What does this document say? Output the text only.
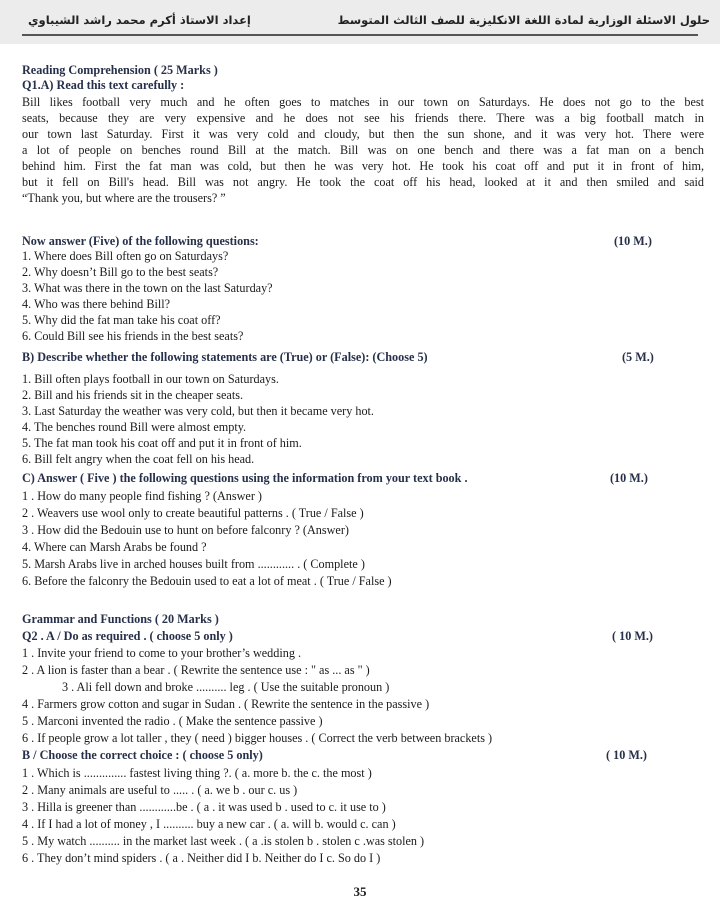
إعداد الاستاذ أكرم محمد راشد الشيباوي	حلول الاسئلة الوزارية لمادة اللغة الانكليزية للصف الثالث المتوسط
Reading Comprehension ( 25 Marks )
Q1.A) Read this text carefully :
Bill likes football very much and he often goes to matches in our town on Saturdays. He does not go to the best
seats, because they are very expensive and he does not see his friends there. There was a big football match in
our town last Saturday. First it was very cold and cloudy, but then the sun shone, and it was very hot. There were
a lot of people on benches round Bill at the match. Bill was on one bench and there was a fat man on a bench
behind him. First the fat man was cold, but then he was very hot. He took his coat off and put it in front of him,
but it fell on Bill's head. Bill was not angry. He took the coat off his head, looked at it and then smiled and said
“Thank you, but where are the trousers? ”
Now answer (Five) of the following questions:	(10 M.)
1. Where does Bill often go on Saturdays?
2. Why doesn’t Bill go to the best seats?
3. What was there in the town on the last Saturday?
4. Who was there behind Bill?
5. Why did the fat man take his coat off?
6. Could Bill see his friends in the best seats?
B) Describe whether the following statements are (True) or (False): (Choose 5)	(5 M.)
1. Bill often plays football in our town on Saturdays.
2. Bill and his friends sit in the cheaper seats.
3. Last Saturday the weather was very cold, but then it became very hot.
4. The benches round Bill were almost empty.
5. The fat man took his coat off and put it in front of him.
6. Bill felt angry when the coat fell on his head.
C) Answer ( Five ) the following questions using the information from your text book .	(10 M.)
1 . How do many people find fishing ? (Answer )
2 . Weavers use wool only to create beautiful patterns . ( True / False )
3 . How did the Bedouin use to hunt on before falconry ? (Answer)
4. Where can Marsh Arabs be found ?
5. Marsh Arabs live in arched houses built from ............ . ( Complete )
6. Before the falconry the Bedouin used to eat a lot of meat . ( True / False )
Grammar and Functions ( 20 Marks )
Q2 . A / Do as required . ( choose 5 only )	( 10 M.)
1 . Invite your friend to come to your brother’s wedding .
2 . A lion is faster than a bear . ( Rewrite the sentence use : " as ... as " )
3 . Ali fell down and broke .......... leg . ( Use the suitable pronoun )
4 . Farmers grow cotton and sugar in Sudan . ( Rewrite the sentence in the passive )
5 . Marconi invented the radio . ( Make the sentence passive )
6 . If people grow a lot taller , they ( need ) bigger houses . ( Correct the verb between brackets )
B / Choose the correct choice : ( choose 5 only)	( 10 M.)
1 . Which is .............. fastest living thing ?. ( a. more b. the c. the most )
2 . Many animals are useful to ..... . ( a. we b . our c. us )
3 . Hilla is greener than ............be . ( a . it was used b . used to c. it use to )
4 . If I had a lot of money , I .......... buy a new car . ( a. will b. would c. can )
5 . My watch .......... in the market last week . ( a .is stolen b . stolen c .was stolen )
6 . They don’t mind spiders . ( a . Neither did I b. Neither do I c. So do I )
35
